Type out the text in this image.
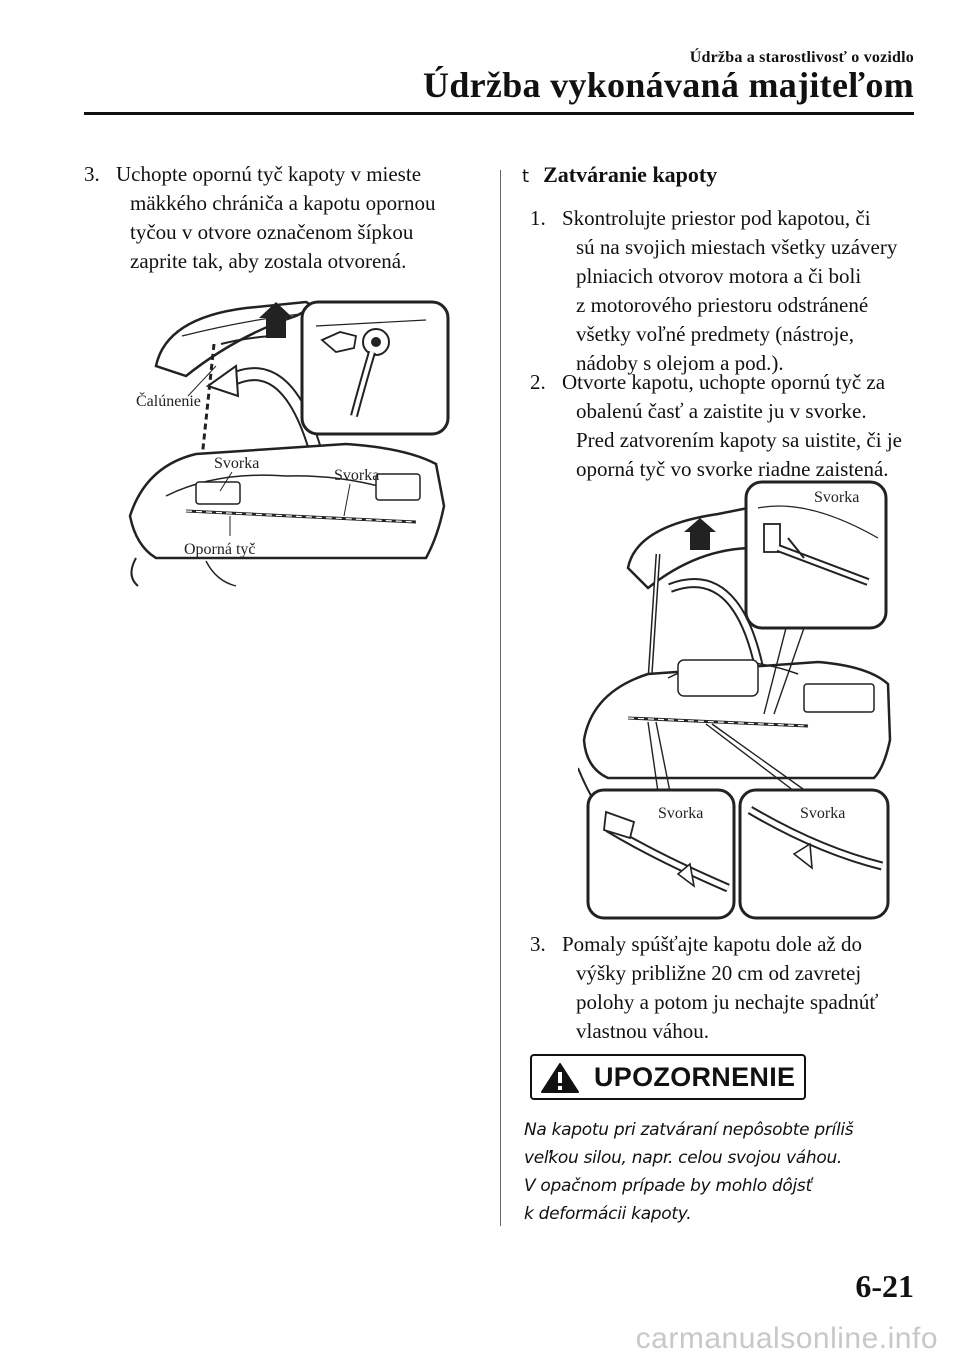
Údržba a starostlivosť o vozidlo
Údržba vykonávaná majiteľom
3. Uchopte opornú tyč kapoty v mieste
mäkkého chrániča a kapotu opornou
tyčou v otvore označenom šípkou
zaprite tak, aby zostala otvorená.
Čalúnenie
Svorka
Svorka
Oporná tyč
t Zatváranie kapoty
1. Skontrolujte priestor pod kapotou, či
sú na svojich miestach všetky uzávery
plniacich otvorov motora a či boli
z motorového priestoru odstránené
všetky voľné predmety (nástroje,
nádoby s olejom a pod.).
2. Otvorte kapotu, uchopte opornú tyč za
obalenú časť a zaistite ju v svorke.
Pred zatvorením kapoty sa uistite, či je
oporná tyč vo svorke riadne zaistená.
Svorka
Svorka	Svorka
3. Pomaly spúšťajte kapotu dole až do
výšky približne 20 cm od zavretej
polohy a potom ju nechajte spadnúť
vlastnou váhou.
UPOZORNENIE
Na kapotu pri zatváraní nepôsobte príliš
veľkou silou, napr. celou svojou váhou.
V opačnom prípade by mohlo dôjsť
k deformácii kapoty.
6-21
carmanualsonline.info
